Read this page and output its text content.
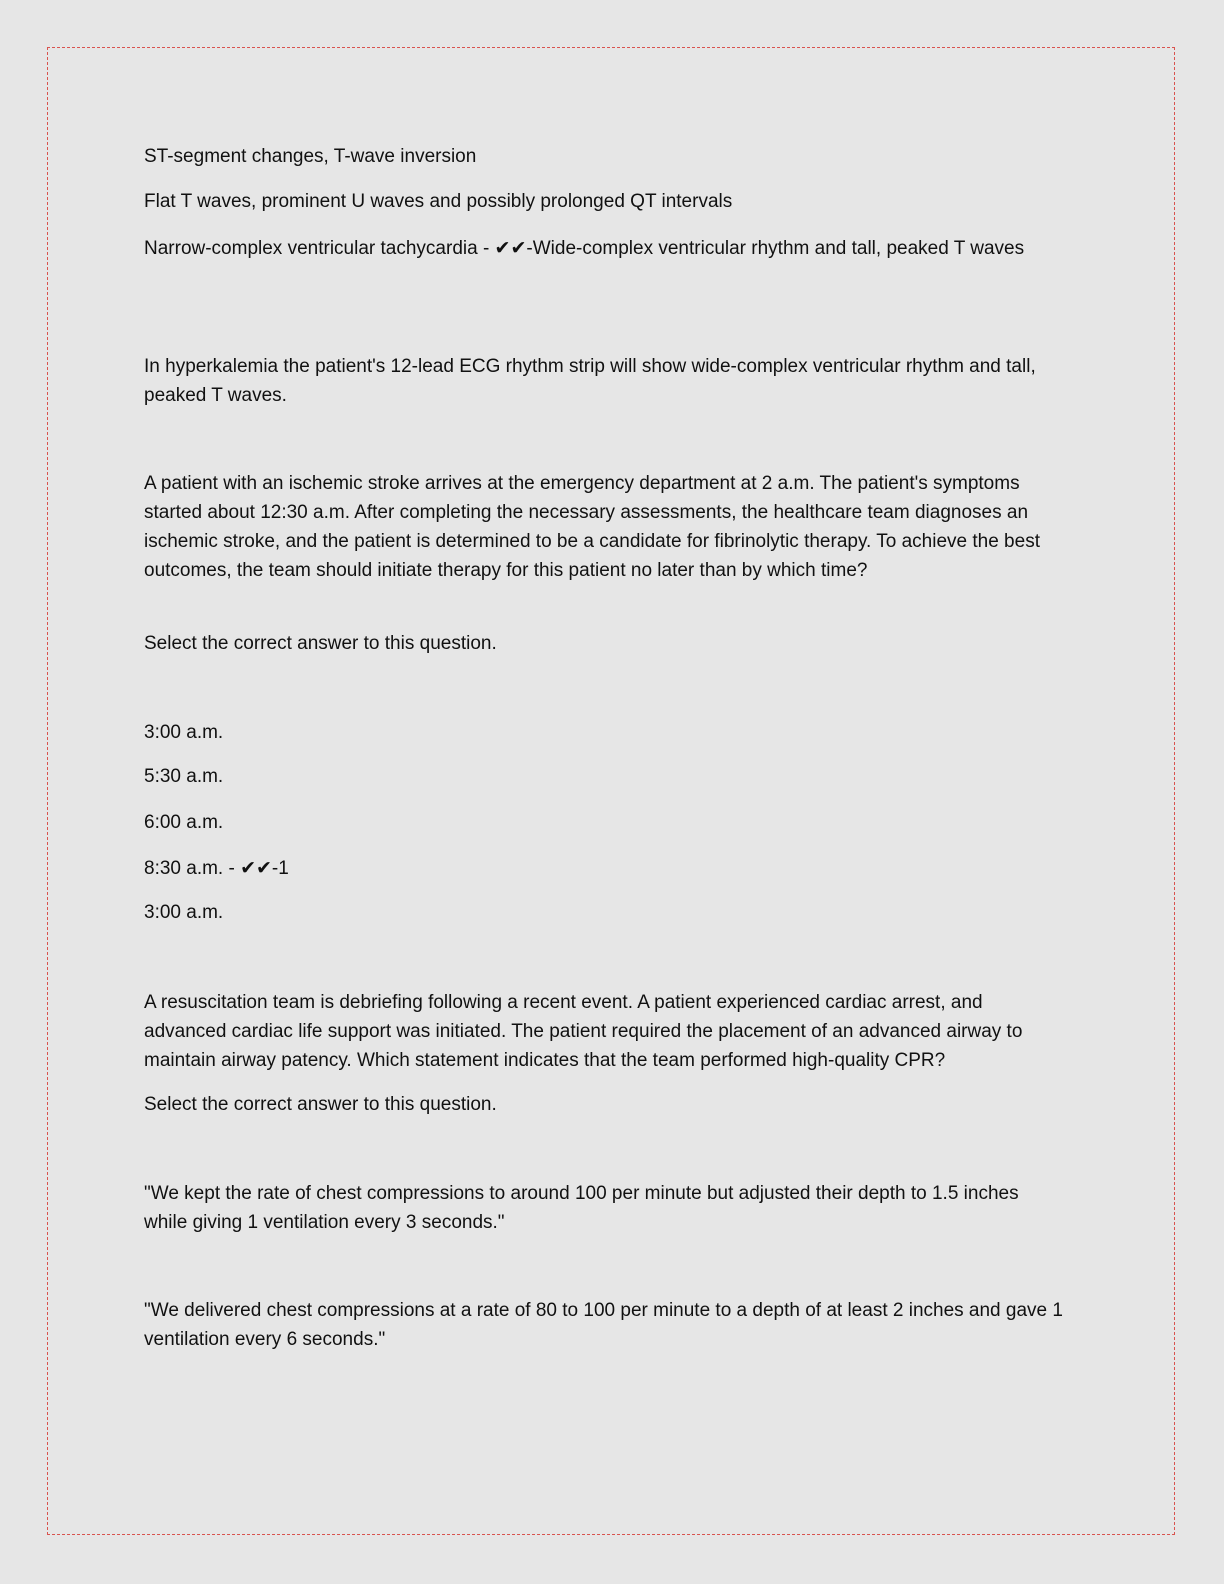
ST-segment changes, T-wave inversion

Flat T waves, prominent U waves and possibly prolonged QT intervals

Narrow-complex ventricular tachycardia - ✔✔-Wide-complex ventricular rhythm and tall, peaked T waves

In hyperkalemia the patient's 12-lead ECG rhythm strip will show wide-complex ventricular rhythm and tall, peaked T waves.

A patient with an ischemic stroke arrives at the emergency department at 2 a.m. The patient's symptoms started about 12:30 a.m. After completing the necessary assessments, the healthcare team diagnoses an ischemic stroke, and the patient is determined to be a candidate for fibrinolytic therapy. To achieve the best outcomes, the team should initiate therapy for this patient no later than by which time?

Select the correct answer to this question.

3:00 a.m.

5:30 a.m.

6:00 a.m.

8:30 a.m. - ✔✔-1

3:00 a.m.

A resuscitation team is debriefing following a recent event. A patient experienced cardiac arrest, and advanced cardiac life support was initiated. The patient required the placement of an advanced airway to maintain airway patency. Which statement indicates that the team performed high-quality CPR?

Select the correct answer to this question.

"We kept the rate of chest compressions to around 100 per minute but adjusted their depth to 1.5 inches while giving 1 ventilation every 3 seconds."

"We delivered chest compressions at a rate of 80 to 100 per minute to a depth of at least 2 inches and gave 1 ventilation every 6 seconds."
